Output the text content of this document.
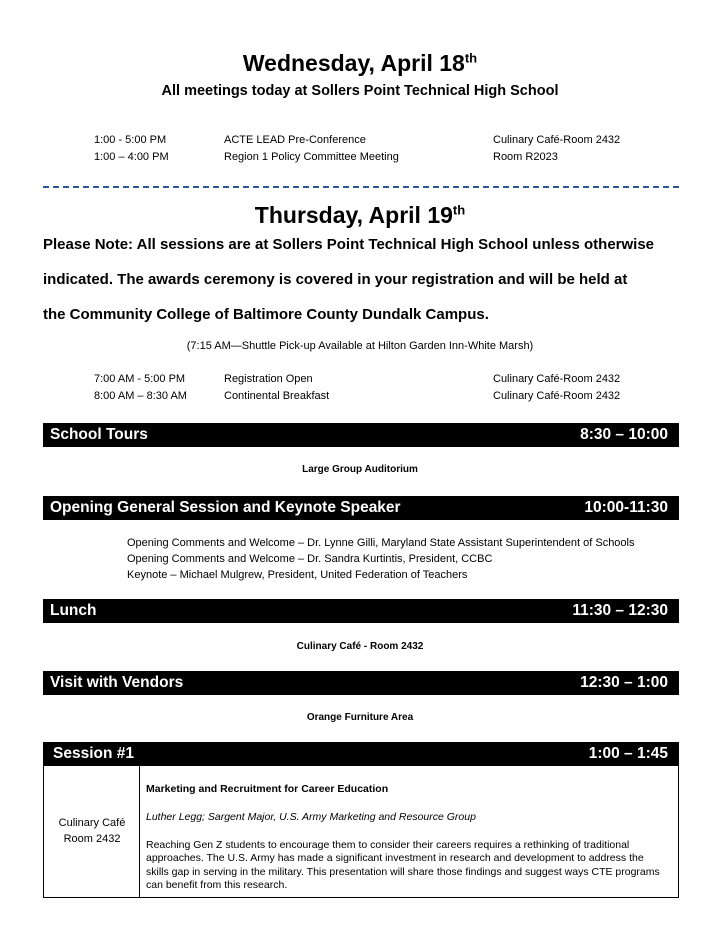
Wednesday, April 18th
All meetings today at Sollers Point Technical High School
1:00 - 5:00 PM	ACTE LEAD Pre-Conference	Culinary Café-Room 2432
1:00 – 4:00 PM	Region 1 Policy Committee Meeting	Room R2023
Thursday, April 19th
Please Note: All sessions are at Sollers Point Technical High School unless otherwise
indicated. The awards ceremony is covered in your registration and will be held at
the Community College of Baltimore County Dundalk Campus.
(7:15 AM—Shuttle Pick-up Available at Hilton Garden Inn-White Marsh)
7:00 AM - 5:00 PM	Registration Open	Culinary Café-Room 2432
8:00 AM – 8:30 AM	Continental Breakfast	Culinary Café-Room 2432
School Tours	8:30 – 10:00
Large Group Auditorium
Opening General Session and Keynote Speaker	10:00-11:30
Opening Comments and Welcome – Dr. Lynne Gilli, Maryland State Assistant Superintendent of Schools
Opening Comments and Welcome – Dr. Sandra Kurtintis, President, CCBC
Keynote – Michael Mulgrew, President, United Federation of Teachers
Lunch	11:30 – 12:30
Culinary Café - Room 2432
Visit with Vendors	12:30 – 1:00
Orange Furniture Area
Session #1	1:00 – 1:45
Culinary Café
Room 2432
Marketing and Recruitment for Career Education
Luther Legg; Sargent Major, U.S. Army Marketing and Resource Group
Reaching Gen Z students to encourage them to consider their careers requires a rethinking of traditional approaches. The U.S. Army has made a significant investment in research and development to address the skills gap in serving in the military. This presentation will share those findings and suggest ways CTE programs can benefit from this research.
